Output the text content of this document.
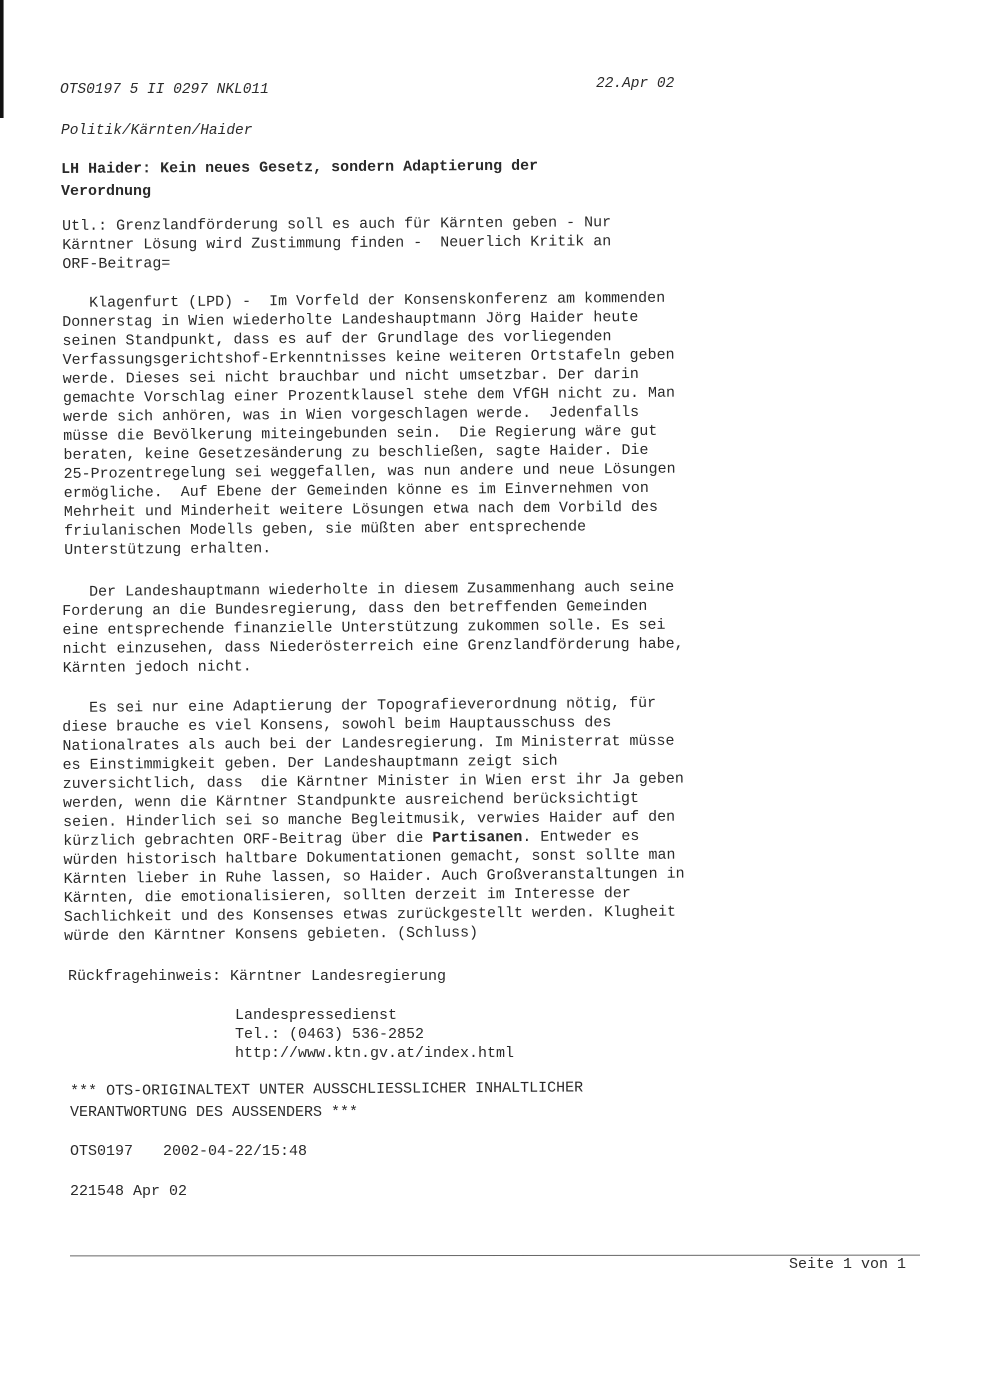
OTS0197 5 II 0297 NKL011	22.Apr 02
Politik/Kärnten/Haider
LH Haider: Kein neues Gesetz, sondern Adaptierung der
Verordnung
Utl.: Grenzlandförderung soll es auch für Kärnten geben - Nur
Kärntner Lösung wird Zustimmung finden -  Neuerlich Kritik an
ORF-Beitrag=
Klagenfurt (LPD) -  Im Vorfeld der Konsenskonferenz am kommenden
Donnerstag in Wien wiederholte Landeshauptmann Jörg Haider heute
seinen Standpunkt, dass es auf der Grundlage des vorliegenden
Verfassungsgerichtshof-Erkenntnisses keine weiteren Ortstafeln geben
werde. Dieses sei nicht brauchbar und nicht umsetzbar. Der darin
gemachte Vorschlag einer Prozentklausel stehe dem VfGH nicht zu. Man
werde sich anhören, was in Wien vorgeschlagen werde.  Jedenfalls
müsse die Bevölkerung miteingebunden sein.  Die Regierung wäre gut
beraten, keine Gesetzesänderung zu beschließen, sagte Haider. Die
25-Prozentregelung sei weggefallen, was nun andere und neue Lösungen
ermögliche.  Auf Ebene der Gemeinden könne es im Einvernehmen von
Mehrheit und Minderheit weitere Lösungen etwa nach dem Vorbild des
friulanischen Modells geben, sie müßten aber entsprechende
Unterstützung erhalten.
Der Landeshauptmann wiederholte in diesem Zusammenhang auch seine
Forderung an die Bundesregierung, dass den betreffenden Gemeinden
eine entsprechende finanzielle Unterstützung zukommen solle. Es sei
nicht einzusehen, dass Niederösterreich eine Grenzlandförderung habe,
Kärnten jedoch nicht.
Es sei nur eine Adaptierung der Topografieverordnung nötig, für
diese brauche es viel Konsens, sowohl beim Hauptausschuss des
Nationalrates als auch bei der Landesregierung. Im Ministerrat müsse
es Einstimmigkeit geben. Der Landeshauptmann zeigt sich
zuversichtlich, dass  die Kärntner Minister in Wien erst ihr Ja geben
werden, wenn die Kärntner Standpunkte ausreichend berücksichtigt
seien. Hinderlich sei so manche Begleitmusik, verwies Haider auf den
kürzlich gebrachten ORF-Beitrag über die Partisanen. Entweder es
würden historisch haltbare Dokumentationen gemacht, sonst sollte man
Kärnten lieber in Ruhe lassen, so Haider. Auch Großveranstaltungen in
Kärnten, die emotionalisieren, sollten derzeit im Interesse der
Sachlichkeit und des Konsenses etwas zurückgestellt werden. Klugheit
würde den Kärntner Konsens gebieten. (Schluss)
Rückfragehinweis: Kärntner Landesregierung
Landespressedienst
Tel.: (0463) 536-2852
http://www.ktn.gv.at/index.html
*** OTS-ORIGINALTEXT UNTER AUSSCHLIESSLICHER INHALTLICHER
VERANTWORTUNG DES AUSSENDERS ***
OTS0197 2002-04-22/15:48
221548 Apr 02
Seite 1 von 1
